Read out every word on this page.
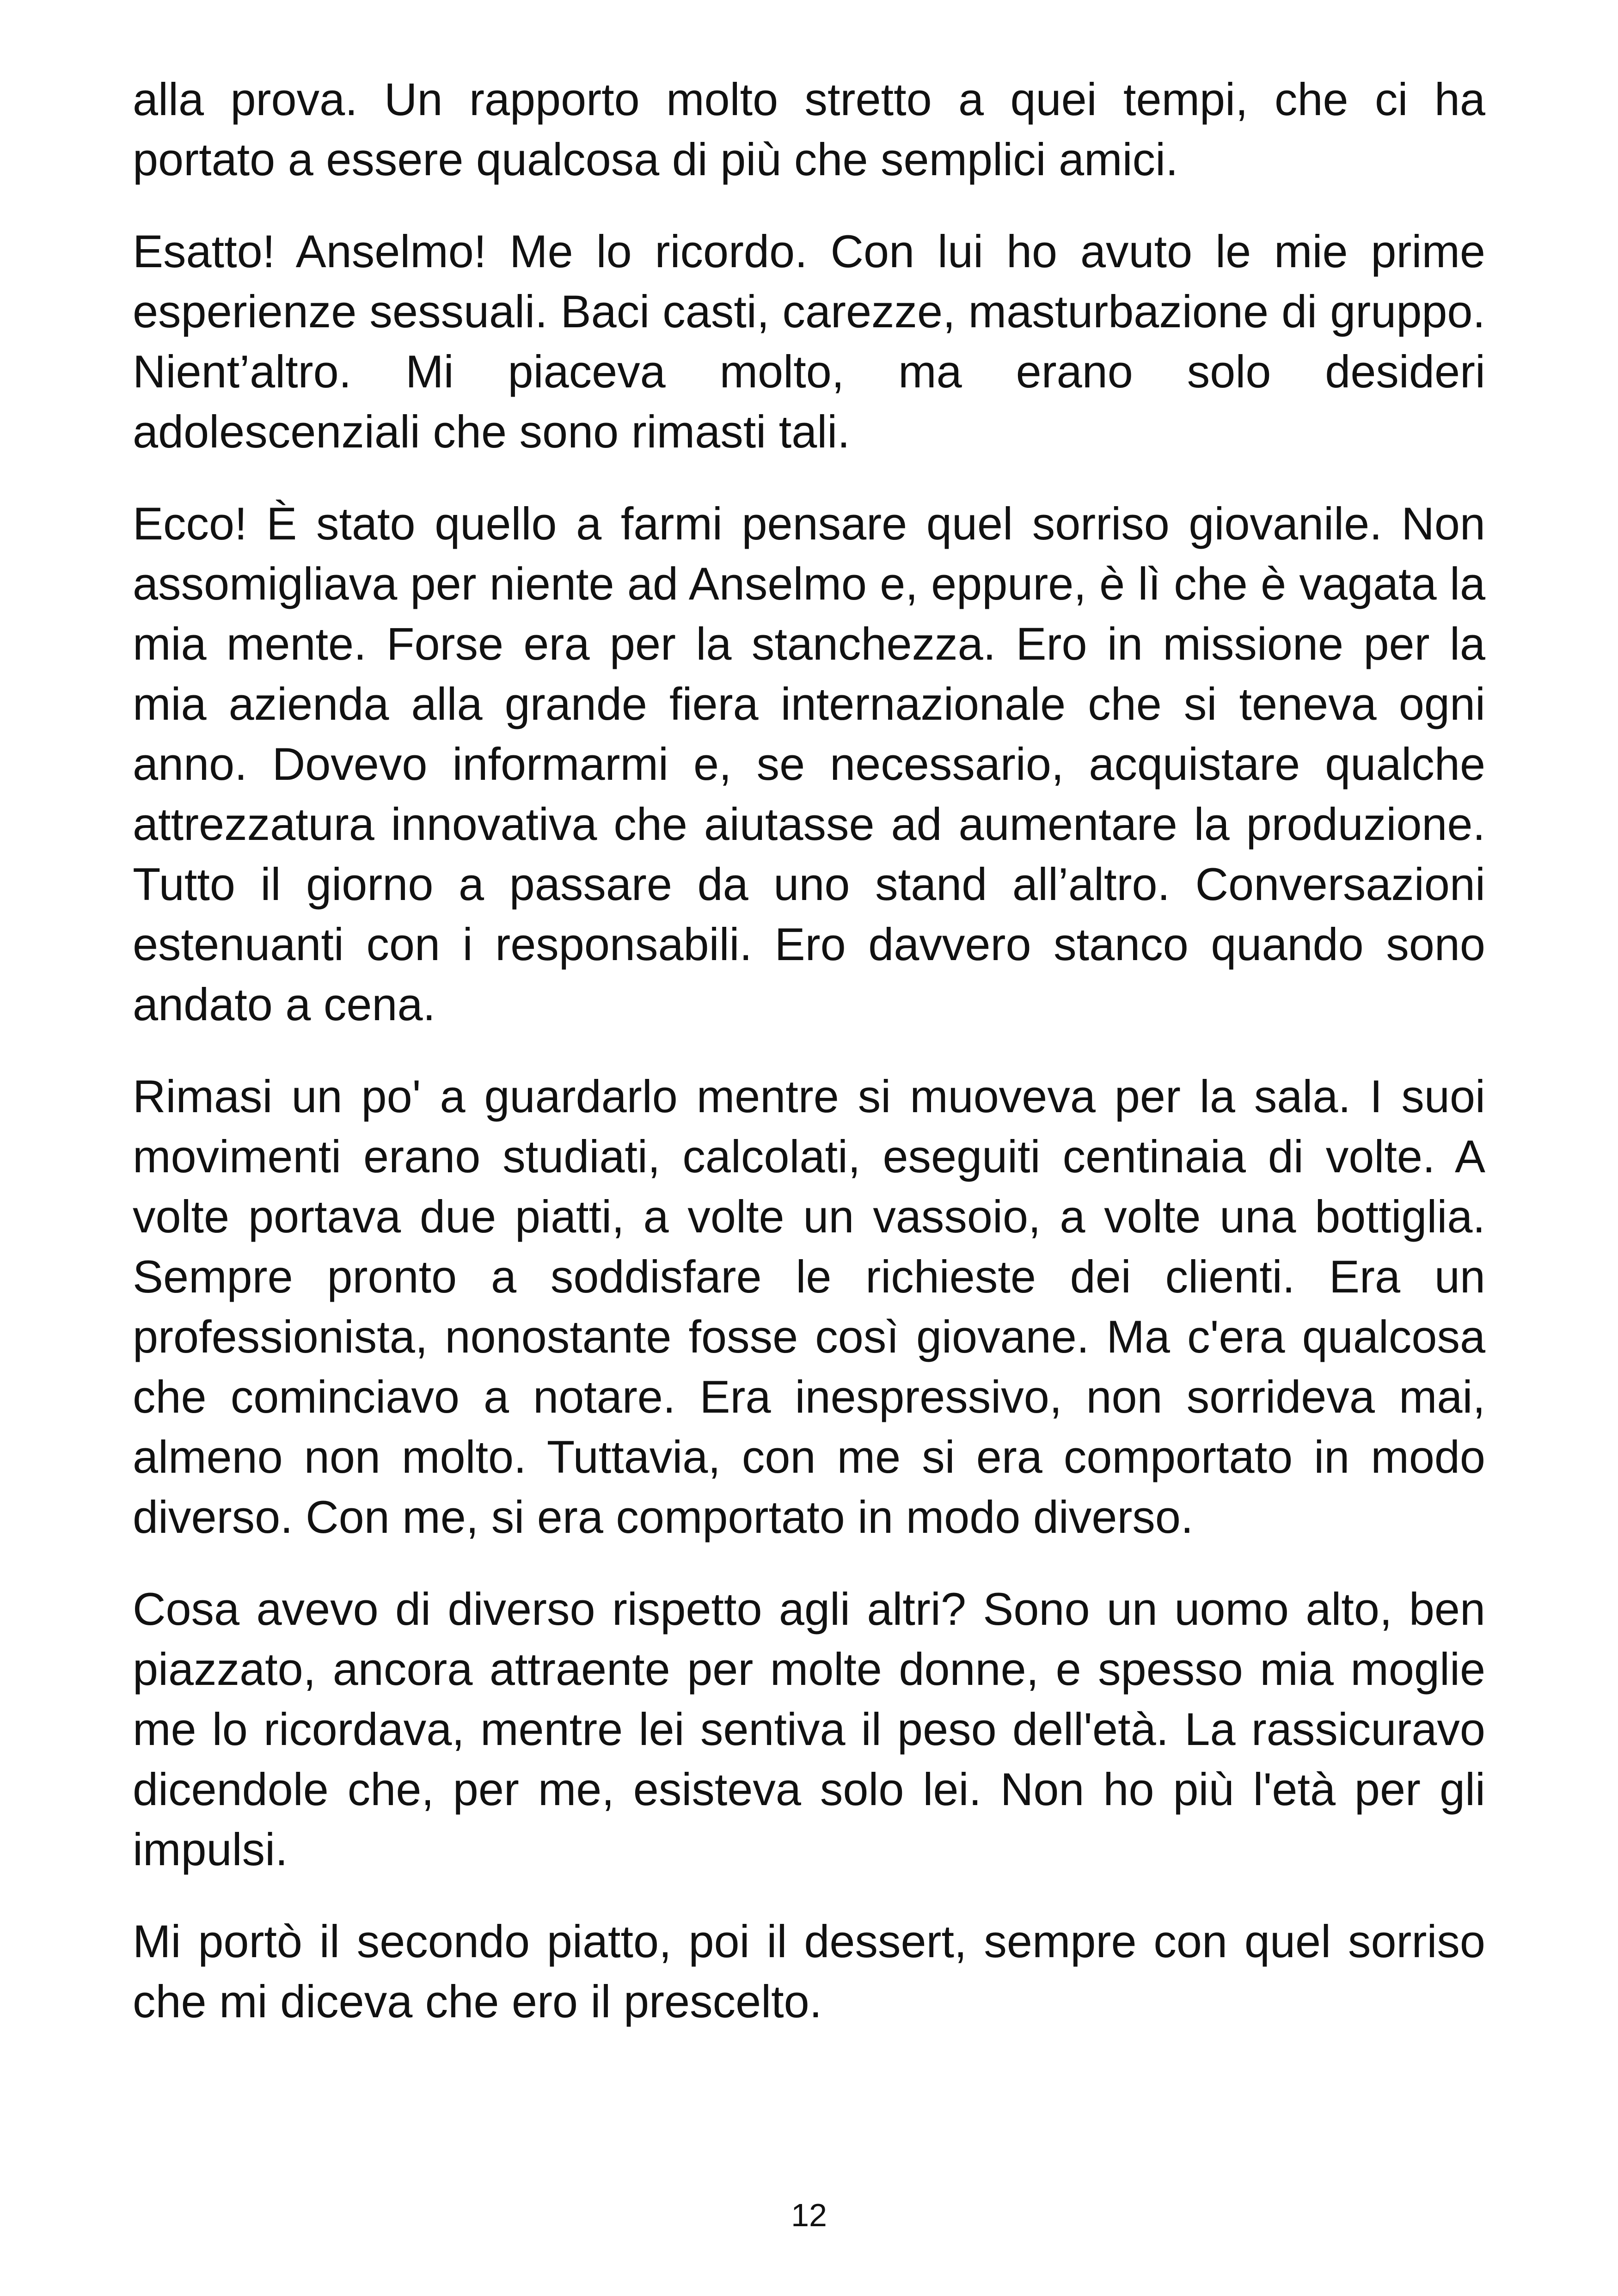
alla prova. Un rapporto molto stretto a quei tempi, che ci ha portato a essere qualcosa di più che semplici amici.

Esatto! Anselmo! Me lo ricordo. Con lui ho avuto le mie prime esperienze sessuali. Baci casti, carezze, masturbazione di gruppo. Nient’altro. Mi piaceva molto, ma erano solo desideri adolescenziali che sono rimasti tali.

Ecco! È stato quello a farmi pensare quel sorriso giovanile. Non assomigliava per niente ad Anselmo e, eppure, è lì che è vagata la mia mente. Forse era per la stanchezza. Ero in missione per la mia azienda alla grande fiera internazionale che si teneva ogni anno. Dovevo informarmi e, se necessario, acquistare qualche attrezzatura innovativa che aiutasse ad aumentare la produzione. Tutto il giorno a passare da uno stand all’altro. Conversazioni estenuanti con i responsabili. Ero davvero stanco quando sono andato a cena.

Rimasi un po' a guardarlo mentre si muoveva per la sala. I suoi movimenti erano studiati, calcolati, eseguiti centinaia di volte. A volte portava due piatti, a volte un vassoio, a volte una bottiglia. Sempre pronto a soddisfare le richieste dei clienti. Era un professionista, nonostante fosse così giovane. Ma c'era qualcosa che cominciavo a notare. Era inespressivo, non sorrideva mai, almeno non molto. Tuttavia, con me si era comportato in modo diverso. Con me, si era comportato in modo diverso.

Cosa avevo di diverso rispetto agli altri? Sono un uomo alto, ben piazzato, ancora attraente per molte donne, e spesso mia moglie me lo ricordava, mentre lei sentiva il peso dell'età. La rassicuravo dicendole che, per me, esisteva solo lei. Non ho più l'età per gli impulsi.

Mi portò il secondo piatto, poi il dessert, sempre con quel sorriso che mi diceva che ero il prescelto.

12
